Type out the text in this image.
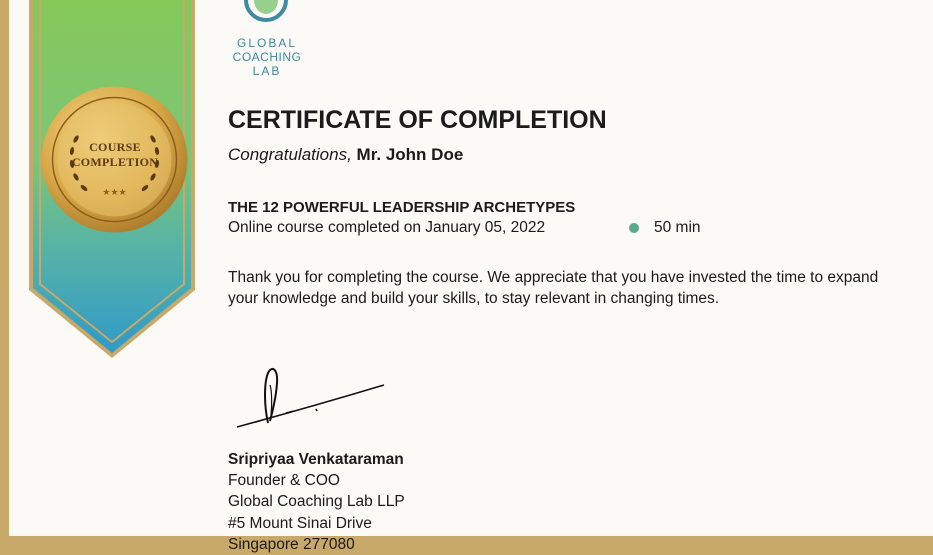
★★★
COURSE COMPLETION
GLOBAL
COACHING
LAB
CERTIFICATE OF COMPLETION
Congratulations, Mr. John Doe
THE 12 POWERFUL LEADERSHIP ARCHETYPES
Online course completed on January 05, 2022	50 min
Thank you for completing the course. We appreciate that you have invested the time to expand your knowledge and build your skills, to stay relevant in changing times.
Sripriyaa Venkataraman
Founder & COO
Global Coaching Lab LLP
#5 Mount Sinai Drive
Singapore 277080
